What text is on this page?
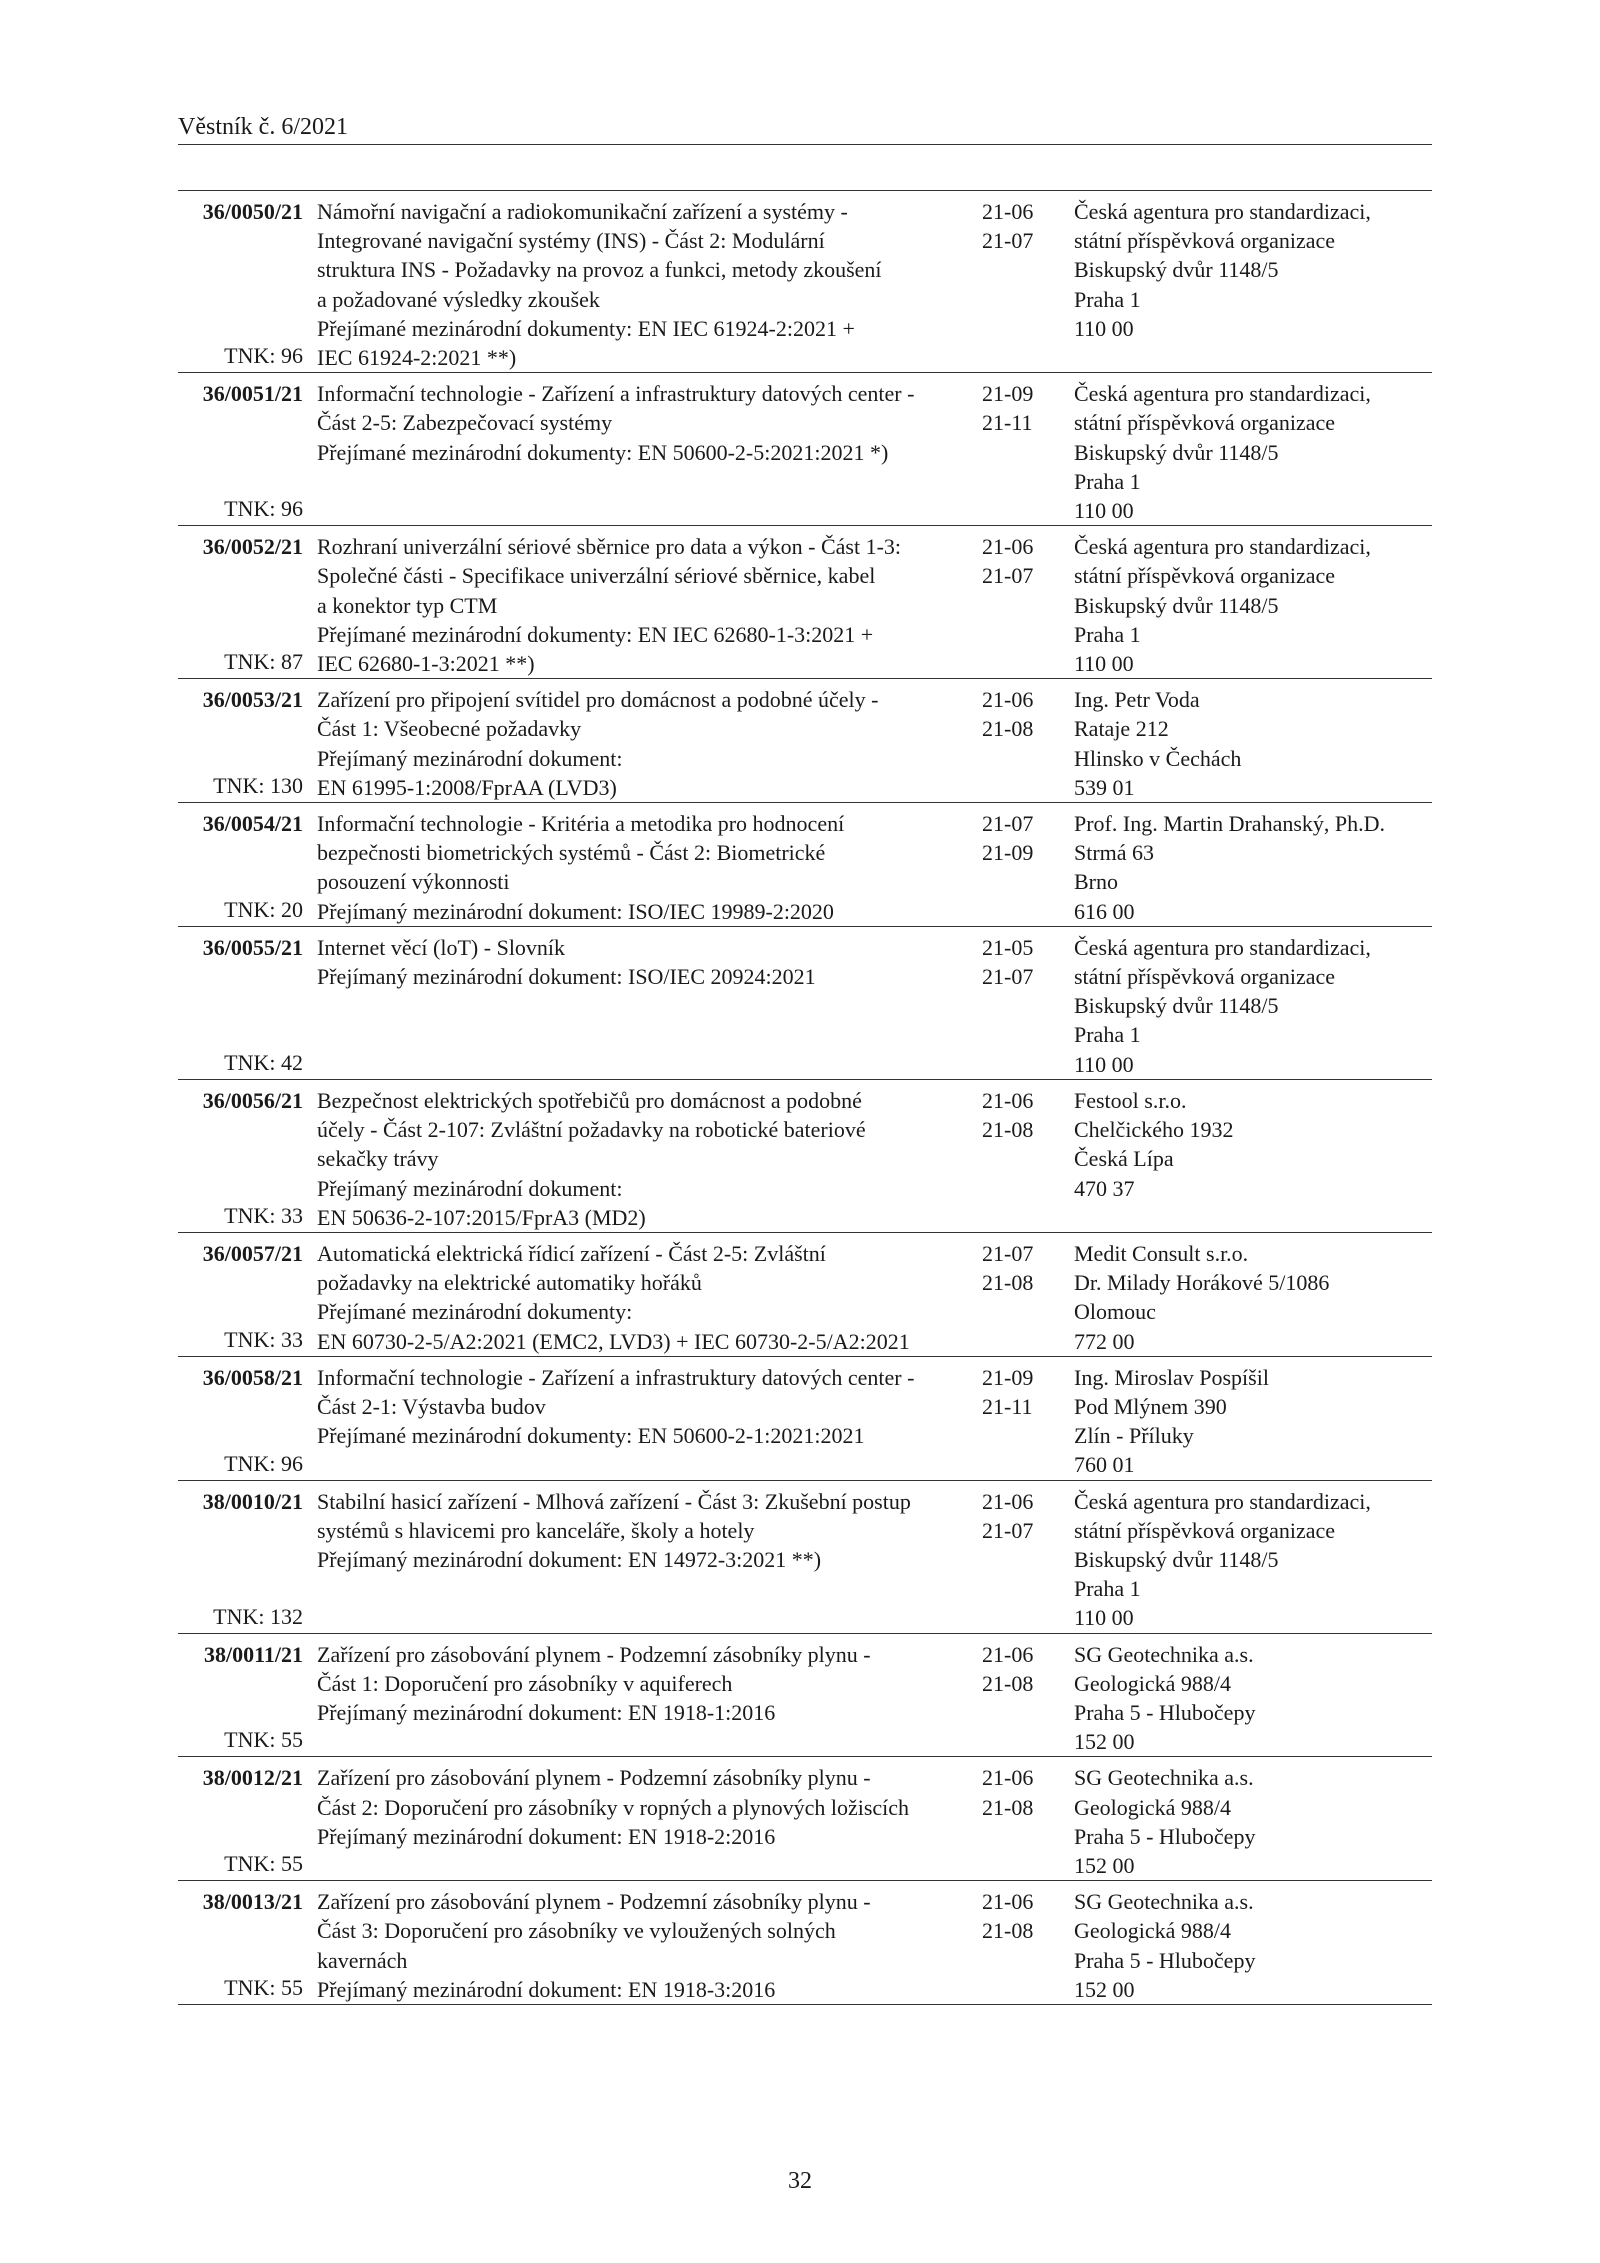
Věstník č. 6/2021
36/0050/21
TNK: 96
Námořní navigační a radiokomunikační zařízení a systémy -
Integrované navigační systémy (INS) - Část 2: Modulární
struktura INS - Požadavky na provoz a funkci, metody zkoušení
a požadované výsledky zkoušek
Přejímané mezinárodní dokumenty: EN IEC 61924-2:2021 +
IEC 61924-2:2021 **)
21-06
21-07
Česká agentura pro standardizaci,
státní příspěvková organizace
Biskupský dvůr 1148/5
Praha 1
110 00
36/0051/21
TNK: 96
Informační technologie - Zařízení a infrastruktury datových center -
Část 2-5: Zabezpečovací systémy
Přejímané mezinárodní dokumenty: EN 50600-2-5:2021:2021 *)
21-09
21-11
Česká agentura pro standardizaci,
státní příspěvková organizace
Biskupský dvůr 1148/5
Praha 1
110 00
36/0052/21
TNK: 87
Rozhraní univerzální sériové sběrnice pro data a výkon - Část 1-3:
Společné části - Specifikace univerzální sériové sběrnice, kabel
a konektor typ CTM
Přejímané mezinárodní dokumenty: EN IEC 62680-1-3:2021 +
IEC 62680-1-3:2021 **)
21-06
21-07
Česká agentura pro standardizaci,
státní příspěvková organizace
Biskupský dvůr 1148/5
Praha 1
110 00
36/0053/21
TNK: 130
Zařízení pro připojení svítidel pro domácnost a podobné účely -
Část 1: Všeobecné požadavky
Přejímaný mezinárodní dokument:
EN 61995-1:2008/FprAA (LVD3)
21-06
21-08
Ing. Petr Voda
Rataje 212
Hlinsko v Čechách
539 01
36/0054/21
TNK: 20
Informační technologie - Kritéria a metodika pro hodnocení
bezpečnosti biometrických systémů - Část 2: Biometrické
posouzení výkonnosti
Přejímaný mezinárodní dokument: ISO/IEC 19989-2:2020
21-07
21-09
Prof. Ing. Martin Drahanský, Ph.D.
Strmá 63
Brno
616 00
36/0055/21
TNK: 42
Internet věcí (loT) - Slovník
Přejímaný mezinárodní dokument: ISO/IEC 20924:2021
21-05
21-07
Česká agentura pro standardizaci,
státní příspěvková organizace
Biskupský dvůr 1148/5
Praha 1
110 00
36/0056/21
TNK: 33
Bezpečnost elektrických spotřebičů pro domácnost a podobné
účely - Část 2-107: Zvláštní požadavky na robotické bateriové
sekačky trávy
Přejímaný mezinárodní dokument:
EN 50636-2-107:2015/FprA3 (MD2)
21-06
21-08
Festool s.r.o.
Chelčického 1932
Česká Lípa
470 37
36/0057/21
TNK: 33
Automatická elektrická řídicí zařízení - Část 2-5: Zvláštní
požadavky na elektrické automatiky hořáků
Přejímané mezinárodní dokumenty:
EN 60730-2-5/A2:2021 (EMC2, LVD3) + IEC 60730-2-5/A2:2021
21-07
21-08
Medit Consult s.r.o.
Dr. Milady Horákové 5/1086
Olomouc
772 00
36/0058/21
TNK: 96
Informační technologie - Zařízení a infrastruktury datových center -
Část 2-1: Výstavba budov
Přejímané mezinárodní dokumenty: EN 50600-2-1:2021:2021
21-09
21-11
Ing. Miroslav Pospíšil
Pod Mlýnem 390
Zlín - Příluky
760 01
38/0010/21
TNK: 132
Stabilní hasicí zařízení - Mlhová zařízení - Část 3: Zkušební postup
systémů s hlavicemi pro kanceláře, školy a hotely
Přejímaný mezinárodní dokument: EN 14972-3:2021 **)
21-06
21-07
Česká agentura pro standardizaci,
státní příspěvková organizace
Biskupský dvůr 1148/5
Praha 1
110 00
38/0011/21
TNK: 55
Zařízení pro zásobování plynem - Podzemní zásobníky plynu -
Část 1: Doporučení pro zásobníky v aquiferech
Přejímaný mezinárodní dokument: EN 1918-1:2016
21-06
21-08
SG Geotechnika a.s.
Geologická 988/4
Praha 5 - Hlubočepy
152 00
38/0012/21
TNK: 55
Zařízení pro zásobování plynem - Podzemní zásobníky plynu -
Část 2: Doporučení pro zásobníky v ropných a plynových ložiscích
Přejímaný mezinárodní dokument: EN 1918-2:2016
21-06
21-08
SG Geotechnika a.s.
Geologická 988/4
Praha 5 - Hlubočepy
152 00
38/0013/21
TNK: 55
Zařízení pro zásobování plynem - Podzemní zásobníky plynu -
Část 3: Doporučení pro zásobníky ve vyloužených solných
kavernách
Přejímaný mezinárodní dokument: EN 1918-3:2016
21-06
21-08
SG Geotechnika a.s.
Geologická 988/4
Praha 5 - Hlubočepy
152 00
32
